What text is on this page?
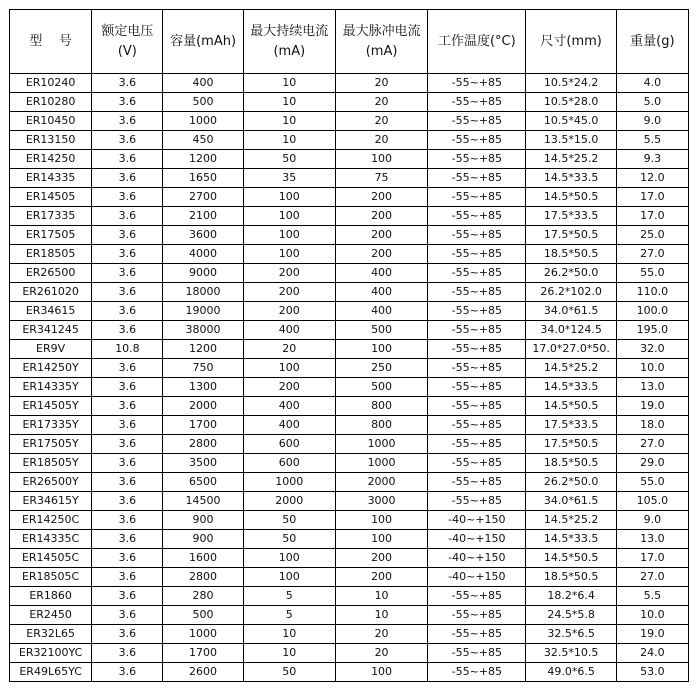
型    号	额定电压(V)	容量(mAh)	最大持续电流(mA)	最大脉冲电流(mA)	工作温度(°C)	尺寸(mm)	重量(g)
ER10240	3.6	400	10	20	-55~+85	10.5*24.2	4.0
ER10280	3.6	500	10	20	-55~+85	10.5*28.0	5.0
ER10450	3.6	1000	10	20	-55~+85	10.5*45.0	9.0
ER13150	3.6	450	10	20	-55~+85	13.5*15.0	5.5
ER14250	3.6	1200	50	100	-55~+85	14.5*25.2	9.3
ER14335	3.6	1650	35	75	-55~+85	14.5*33.5	12.0
ER14505	3.6	2700	100	200	-55~+85	14.5*50.5	17.0
ER17335	3.6	2100	100	200	-55~+85	17.5*33.5	17.0
ER17505	3.6	3600	100	200	-55~+85	17.5*50.5	25.0
ER18505	3.6	4000	100	200	-55~+85	18.5*50.5	27.0
ER26500	3.6	9000	200	400	-55~+85	26.2*50.0	55.0
ER261020	3.6	18000	200	400	-55~+85	26.2*102.0	110.0
ER34615	3.6	19000	200	400	-55~+85	34.0*61.5	100.0
ER341245	3.6	38000	400	500	-55~+85	34.0*124.5	195.0
ER9V	10.8	1200	20	100	-55~+85	17.0*27.0*50.	32.0
ER14250Y	3.6	750	100	250	-55~+85	14.5*25.2	10.0
ER14335Y	3.6	1300	200	500	-55~+85	14.5*33.5	13.0
ER14505Y	3.6	2000	400	800	-55~+85	14.5*50.5	19.0
ER17335Y	3.6	1700	400	800	-55~+85	17.5*33.5	18.0
ER17505Y	3.6	2800	600	1000	-55~+85	17.5*50.5	27.0
ER18505Y	3.6	3500	600	1000	-55~+85	18.5*50.5	29.0
ER26500Y	3.6	6500	1000	2000	-55~+85	26.2*50.0	55.0
ER34615Y	3.6	14500	2000	3000	-55~+85	34.0*61.5	105.0
ER14250C	3.6	900	50	100	-40~+150	14.5*25.2	9.0
ER14335C	3.6	900	50	100	-40~+150	14.5*33.5	13.0
ER14505C	3.6	1600	100	200	-40~+150	14.5*50.5	17.0
ER18505C	3.6	2800	100	200	-40~+150	18.5*50.5	27.0
ER1860	3.6	280	5	10	-55~+85	18.2*6.4	5.5
ER2450	3.6	500	5	10	-55~+85	24.5*5.8	10.0
ER32L65	3.6	1000	10	20	-55~+85	32.5*6.5	19.0
ER32100YC	3.6	1700	10	20	-55~+85	32.5*10.5	24.0
ER49L65YC	3.6	2600	50	100	-55~+85	49.0*6.5	53.0
